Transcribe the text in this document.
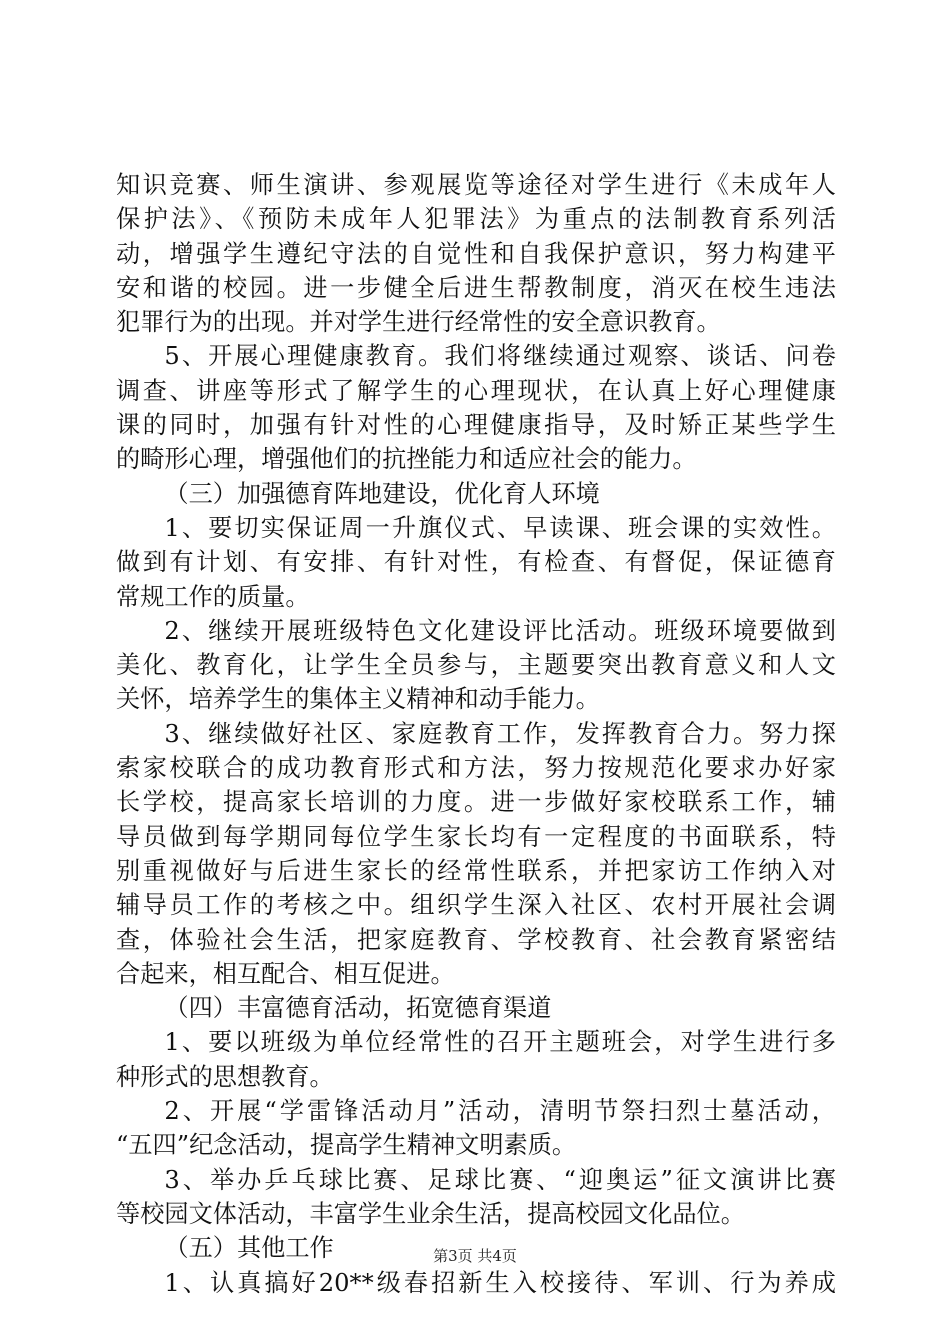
知识竞赛、师生演讲、参观展览等途径对学生进行《未成年人
保护法》、《预防未成年人犯罪法》为重点的法制教育系列活
动，增强学生遵纪守法的自觉性和自我保护意识，努力构建平
安和谐的校园。进一步健全后进生帮教制度，消灭在校生违法
犯罪行为的出现。并对学生进行经常性的安全意识教育。
5、开展心理健康教育。我们将继续通过观察、谈话、问卷
调查、讲座等形式了解学生的心理现状，在认真上好心理健康
课的同时，加强有针对性的心理健康指导，及时矫正某些学生
的畸形心理，增强他们的抗挫能力和适应社会的能力。
（三）加强德育阵地建设，优化育人环境
1、要切实保证周一升旗仪式、早读课、班会课的实效性。
做到有计划、有安排、有针对性，有检查、有督促，保证德育
常规工作的质量。
2、继续开展班级特色文化建设评比活动。班级环境要做到
美化、教育化，让学生全员参与，主题要突出教育意义和人文
关怀，培养学生的集体主义精神和动手能力。
3、继续做好社区、家庭教育工作，发挥教育合力。努力探
索家校联合的成功教育形式和方法，努力按规范化要求办好家
长学校，提高家长培训的力度。进一步做好家校联系工作，辅
导员做到每学期同每位学生家长均有一定程度的书面联系，特
别重视做好与后进生家长的经常性联系，并把家访工作纳入对
辅导员工作的考核之中。组织学生深入社区、农村开展社会调
查，体验社会生活，把家庭教育、学校教育、社会教育紧密结
合起来，相互配合、相互促进。
（四）丰富德育活动，拓宽德育渠道
1、要以班级为单位经常性的召开主题班会，对学生进行多
种形式的思想教育。
2、开展“学雷锋活动月”活动，清明节祭扫烈士墓活动，
“五四”纪念活动，提高学生精神文明素质。
3、举办乒乓球比赛、足球比赛、“迎奥运”征文演讲比赛
等校园文体活动，丰富学生业余生活，提高校园文化品位。
（五）其他工作
1、认真搞好20**级春招新生入校接待、军训、行为养成
第3页 共4页
